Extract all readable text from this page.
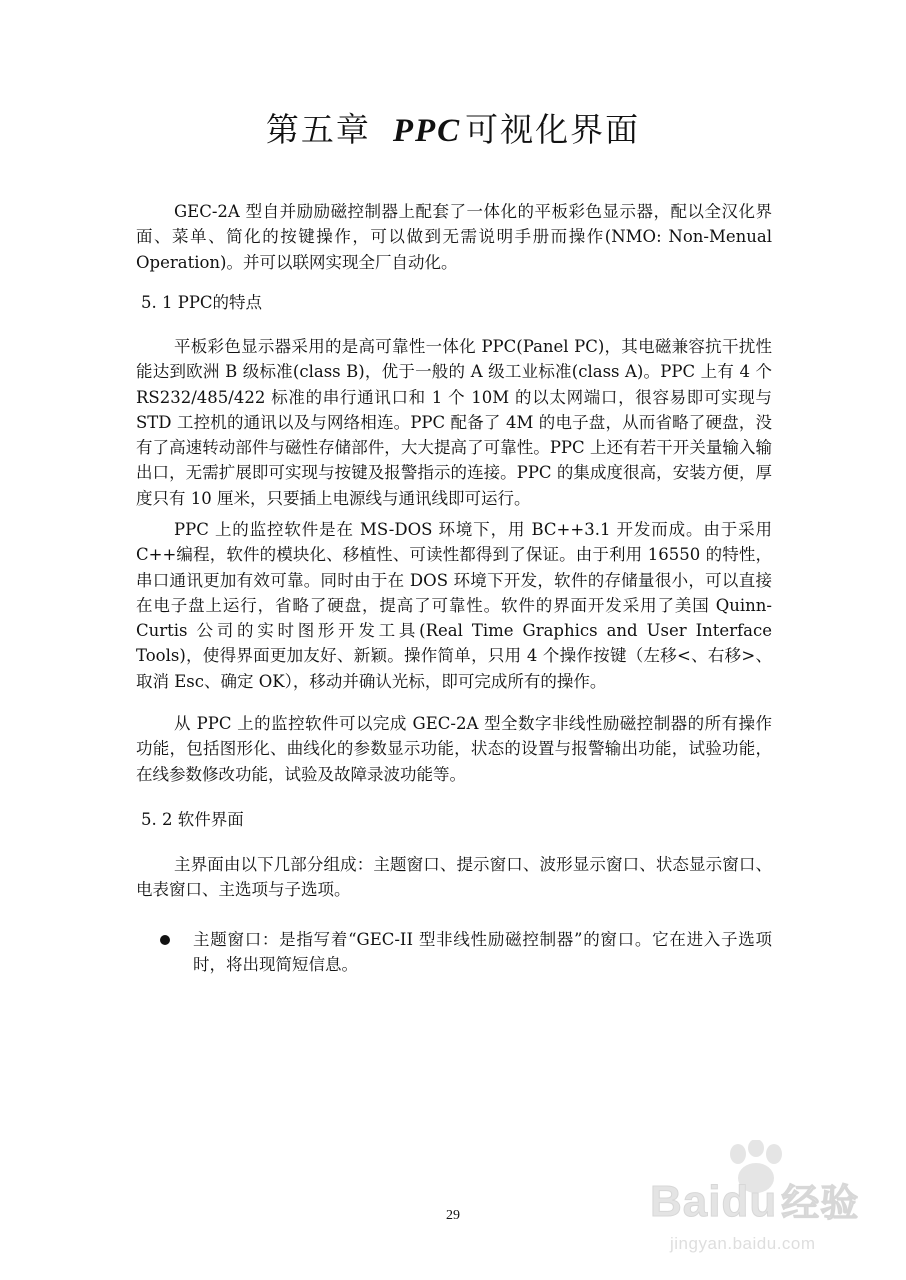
第五章 PPC 可视化界面

GEC-2A 型自并励励磁控制器上配套了一体化的平板彩色显示器，配以全汉化界面、菜单、简化的按键操作，可以做到无需说明手册而操作(NMO: Non-Menual Operation)。并可以联网实现全厂自动化。

5. 1 PPC的特点

平板彩色显示器采用的是高可靠性一体化 PPC(Panel PC)，其电磁兼容抗干扰性能达到欧洲 B 级标准(class B)，优于一般的 A 级工业标准(class A)。PPC 上有 4 个 RS232/485/422 标准的串行通讯口和 1 个 10M 的以太网端口，很容易即可实现与 STD 工控机的通讯以及与网络相连。PPC 配备了 4M 的电子盘，从而省略了硬盘，没有了高速转动部件与磁性存储部件，大大提高了可靠性。PPC 上还有若干开关量输入输出口，无需扩展即可实现与按键及报警指示的连接。PPC 的集成度很高，安装方便，厚度只有 10 厘米，只要插上电源线与通讯线即可运行。

PPC 上的监控软件是在 MS-DOS 环境下，用 BC++3.1 开发而成。由于采用 C++编程，软件的模块化、移植性、可读性都得到了保证。由于利用 16550 的特性，串口通讯更加有效可靠。同时由于在 DOS 环境下开发，软件的存储量很小，可以直接在电子盘上运行，省略了硬盘，提高了可靠性。软件的界面开发采用了美国 Quinn-Curtis 公司的实时图形开发工具(Real Time Graphics and User Interface Tools)，使得界面更加友好、新颖。操作简单，只用 4 个操作按键（左移<、右移>、取消 Esc、确定 OK），移动并确认光标，即可完成所有的操作。

从 PPC 上的监控软件可以完成 GEC-2A 型全数字非线性励磁控制器的所有操作功能，包括图形化、曲线化的参数显示功能，状态的设置与报警输出功能，试验功能，在线参数修改功能，试验及故障录波功能等。

5. 2 软件界面

主界面由以下几部分组成：主题窗口、提示窗口、波形显示窗口、状态显示窗口、电表窗口、主选项与子选项。

主题窗口：是指写着“GEC-II 型非线性励磁控制器”的窗口。它在进入子选项时，将出现简短信息。

29	Baidu 经验
jingyan.baidu.com
